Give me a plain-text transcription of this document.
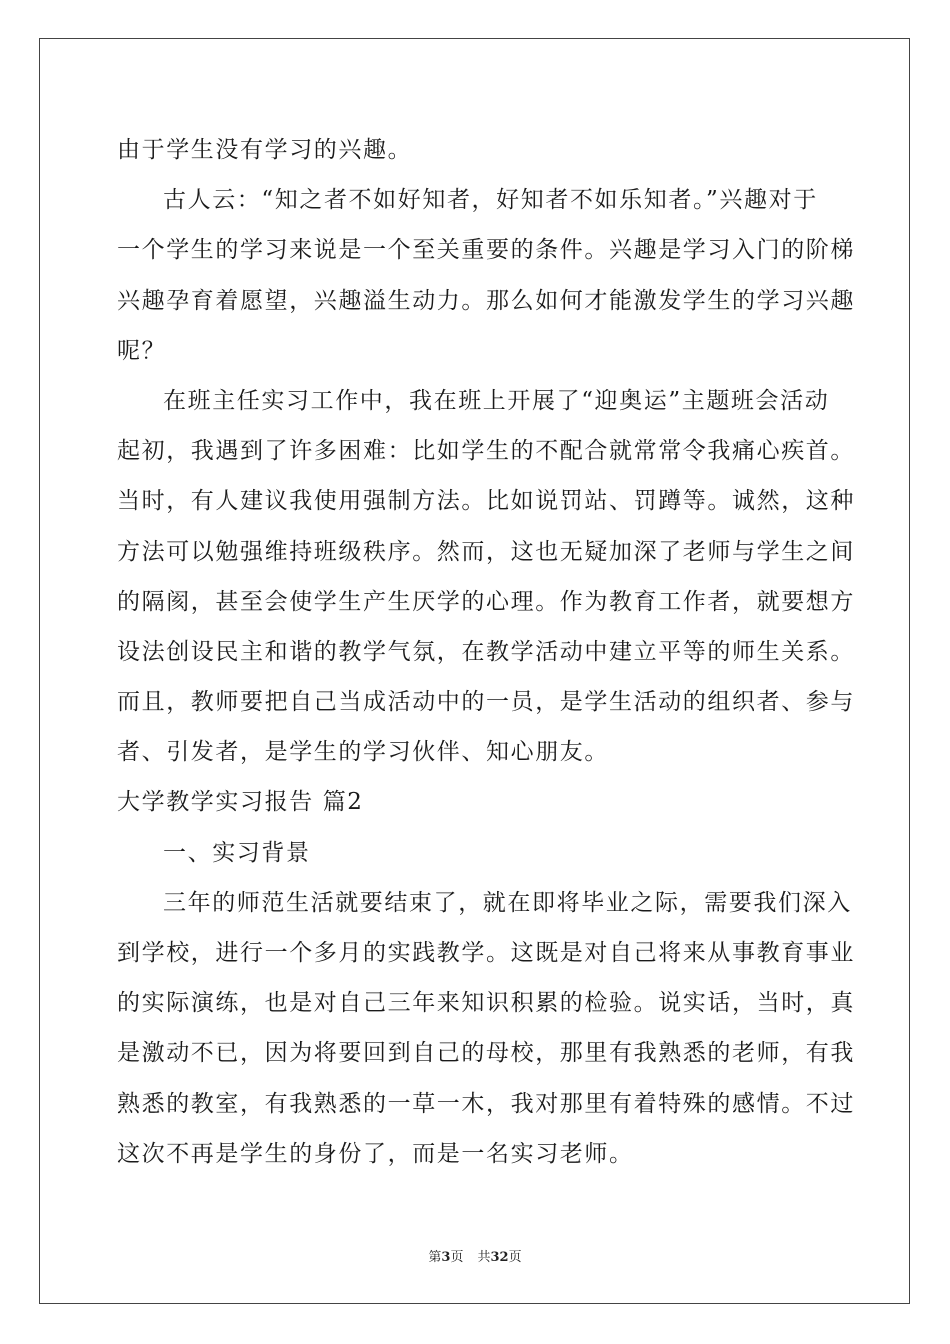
由于学生没有学习的兴趣。
古人云：“知之者不如好知者，好知者不如乐知者。”兴趣对于
一个学生的学习来说是一个至关重要的条件。兴趣是学习入门的阶梯
兴趣孕育着愿望，兴趣溢生动力。那么如何才能激发学生的学习兴趣
呢？
在班主任实习工作中，我在班上开展了“迎奥运”主题班会活动
起初，我遇到了许多困难：比如学生的不配合就常常令我痛心疾首。
当时，有人建议我使用强制方法。比如说罚站、罚蹲等。诚然，这种
方法可以勉强维持班级秩序。然而，这也无疑加深了老师与学生之间
的隔阂，甚至会使学生产生厌学的心理。作为教育工作者，就要想方
设法创设民主和谐的教学气氛，在教学活动中建立平等的师生关系。
而且，教师要把自己当成活动中的一员，是学生活动的组织者、参与
者、引发者，是学生的学习伙伴、知心朋友。
大学教学实习报告 篇2
一、实习背景
三年的师范生活就要结束了，就在即将毕业之际，需要我们深入
到学校，进行一个多月的实践教学。这既是对自己将来从事教育事业
的实际演练，也是对自己三年来知识积累的检验。说实话，当时，真
是激动不已，因为将要回到自己的母校，那里有我熟悉的老师，有我
熟悉的教室，有我熟悉的一草一木，我对那里有着特殊的感情。不过
这次不再是学生的身份了，而是一名实习老师。
第3页 共32页
